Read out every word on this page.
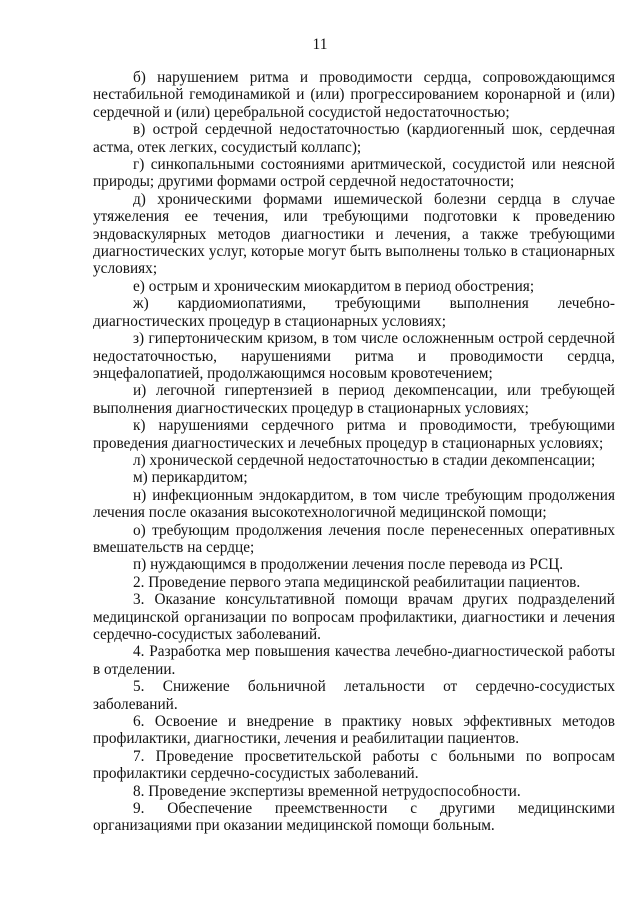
11

б) нарушением ритма и проводимости сердца, сопровождающимся нестабильной гемодинамикой и (или) прогрессированием коронарной и (или) сердечной и (или) церебральной сосудистой недостаточностью;

в) острой сердечной недостаточностью (кардиогенный шок, сердечная астма, отек легких, сосудистый коллапс);

г) синкопальными состояниями аритмической, сосудистой или неясной природы; другими формами острой сердечной недостаточности;

д) хроническими формами ишемической болезни сердца в случае утяжеления ее течения, или требующими подготовки к проведению эндоваскулярных методов диагностики и лечения, а также требующими диагностических услуг, которые могут быть выполнены только в стационарных условиях;

е) острым и хроническим миокардитом в период обострения;

ж) кардиомиопатиями, требующими выполнения лечебно-диагностических процедур в стационарных условиях;

з) гипертоническим кризом, в том числе осложненным острой сердечной недостаточностью, нарушениями ритма и проводимости сердца, энцефалопатией, продолжающимся носовым кровотечением;

и) легочной гипертензией в период декомпенсации, или требующей выполнения диагностических процедур в стационарных условиях;

к) нарушениями сердечного ритма и проводимости, требующими проведения диагностических и лечебных процедур в стационарных условиях;

л) хронической сердечной недостаточностью в стадии декомпенсации;

м) перикардитом;

н) инфекционным эндокардитом, в том числе требующим продолжения лечения после оказания высокотехнологичной медицинской помощи;

о) требующим продолжения лечения после перенесенных оперативных вмешательств на сердце;

п) нуждающимся в продолжении лечения после перевода из РСЦ.

2. Проведение первого этапа медицинской реабилитации пациентов.

3. Оказание консультативной помощи врачам других подразделений медицинской организации по вопросам профилактики, диагностики и лечения сердечно-сосудистых заболеваний.

4. Разработка мер повышения качества лечебно-диагностической работы в отделении.

5. Снижение больничной летальности от сердечно-сосудистых заболеваний.

6. Освоение и внедрение в практику новых эффективных методов профилактики, диагностики, лечения и реабилитации пациентов.

7. Проведение просветительской работы с больными по вопросам профилактики сердечно-сосудистых заболеваний.

8. Проведение экспертизы временной нетрудоспособности.

9. Обеспечение преемственности с другими медицинскими организациями при оказании медицинской помощи больным.
